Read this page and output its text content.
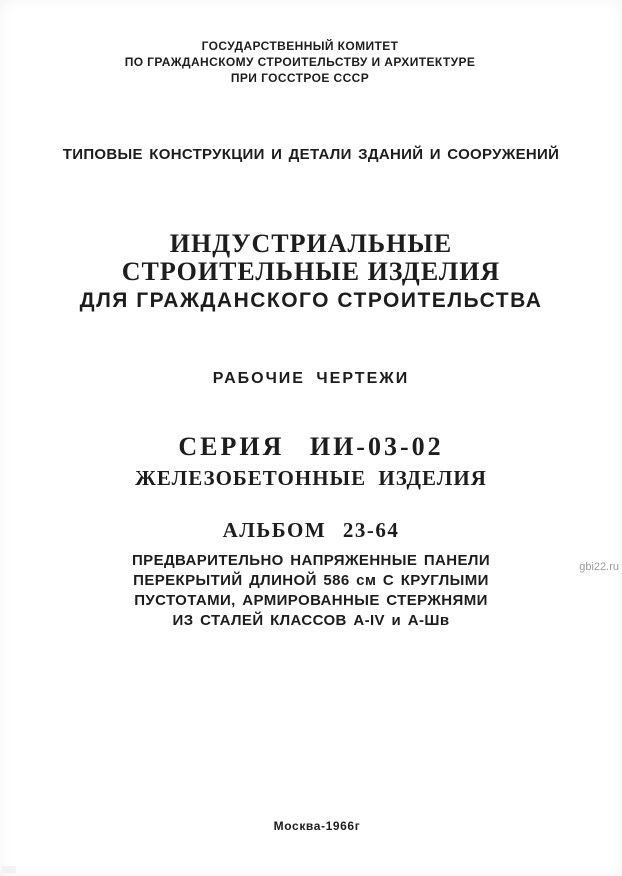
ГОСУДАРСТВЕННЫЙ КОМИТЕТ
ПО ГРАЖДАНСКОМУ СТРОИТЕЛЬСТВУ И АРХИТЕКТУРЕ
ПРИ ГОССТРОЕ СССР
ТИПОВЫЕ КОНСТРУКЦИИ И ДЕТАЛИ ЗДАНИЙ И СООРУЖЕНИЙ
ИНДУСТРИАЛЬНЫЕ
СТРОИТЕЛЬНЫЕ ИЗДЕЛИЯ
ДЛЯ ГРАЖДАНСКОГО СТРОИТЕЛЬСТВА
РАБОЧИЕ ЧЕРТЕЖИ
СЕРИЯ ИИ-03-02
ЖЕЛЕЗОБЕТОННЫЕ ИЗДЕЛИЯ
АЛЬБОМ 23-64
ПРЕДВАРИТЕЛЬНО НАПРЯЖЕННЫЕ ПАНЕЛИ
ПЕРЕКРЫТИЙ ДЛИНОЙ 586 см С КРУГЛЫМИ
ПУСТОТАМИ, АРМИРОВАННЫЕ СТЕРЖНЯМИ
ИЗ СТАЛЕЙ КЛАССОВ А-IV и А-Шв
gbi22.ru
Москва-1966г
